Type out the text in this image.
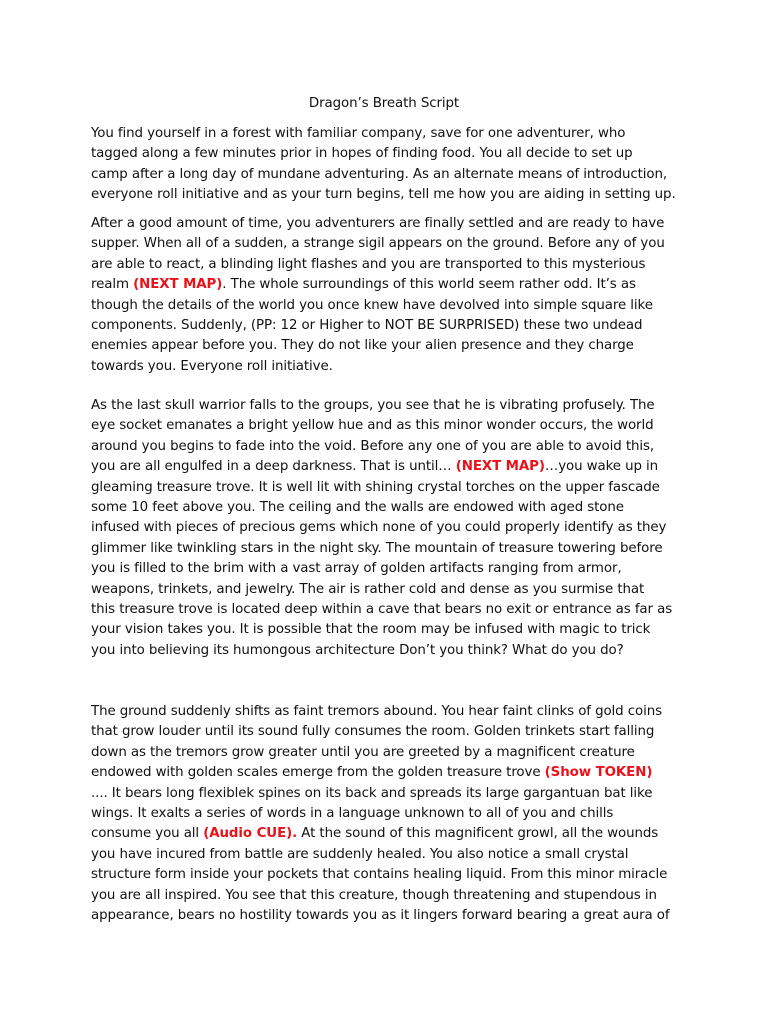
Dragon’s Breath Script
You find yourself in a forest with familiar company, save for one adventurer, who
tagged along a few minutes prior in hopes of finding food. You all decide to set up
camp after a long day of mundane adventuring. As an alternate means of introduction,
everyone roll initiative and as your turn begins, tell me how you are aiding in setting up.
After a good amount of time, you adventurers are finally settled and are ready to have
supper. When all of a sudden, a strange sigil appears on the ground. Before any of you
are able to react, a blinding light flashes and you are transported to this mysterious
realm (NEXT MAP). The whole surroundings of this world seem rather odd. It’s as
though the details of the world you once knew have devolved into simple square like
components. Suddenly, (PP: 12 or Higher to NOT BE SURPRISED) these two undead
enemies appear before you. They do not like your alien presence and they charge
towards you. Everyone roll initiative.
As the last skull warrior falls to the groups, you see that he is vibrating profusely. The
eye socket emanates a bright yellow hue and as this minor wonder occurs, the world
around you begins to fade into the void. Before any one of you are able to avoid this,
you are all engulfed in a deep darkness. That is until… (NEXT MAP)…you wake up in
gleaming treasure trove. It is well lit with shining crystal torches on the upper fascade
some 10 feet above you. The ceiling and the walls are endowed with aged stone
infused with pieces of precious gems which none of you could properly identify as they
glimmer like twinkling stars in the night sky. The mountain of treasure towering before
you is filled to the brim with a vast array of golden artifacts ranging from armor,
weapons, trinkets, and jewelry. The air is rather cold and dense as you surmise that
this treasure trove is located deep within a cave that bears no exit or entrance as far as
your vision takes you. It is possible that the room may be infused with magic to trick
you into believing its humongous architecture Don’t you think? What do you do?
The ground suddenly shifts as faint tremors abound. You hear faint clinks of gold coins
that grow louder until its sound fully consumes the room. Golden trinkets start falling
down as the tremors grow greater until you are greeted by a magnificent creature
endowed with golden scales emerge from the golden treasure trove (Show TOKEN)
.... It bears long flexiblek spines on its back and spreads its large gargantuan bat like
wings. It exalts a series of words in a language unknown to all of you and chills
consume you all (Audio CUE). At the sound of this magnificent growl, all the wounds
you have incured from battle are suddenly healed. You also notice a small crystal
structure form inside your pockets that contains healing liquid. From this minor miracle
you are all inspired. You see that this creature, though threatening and stupendous in
appearance, bears no hostility towards you as it lingers forward bearing a great aura of
